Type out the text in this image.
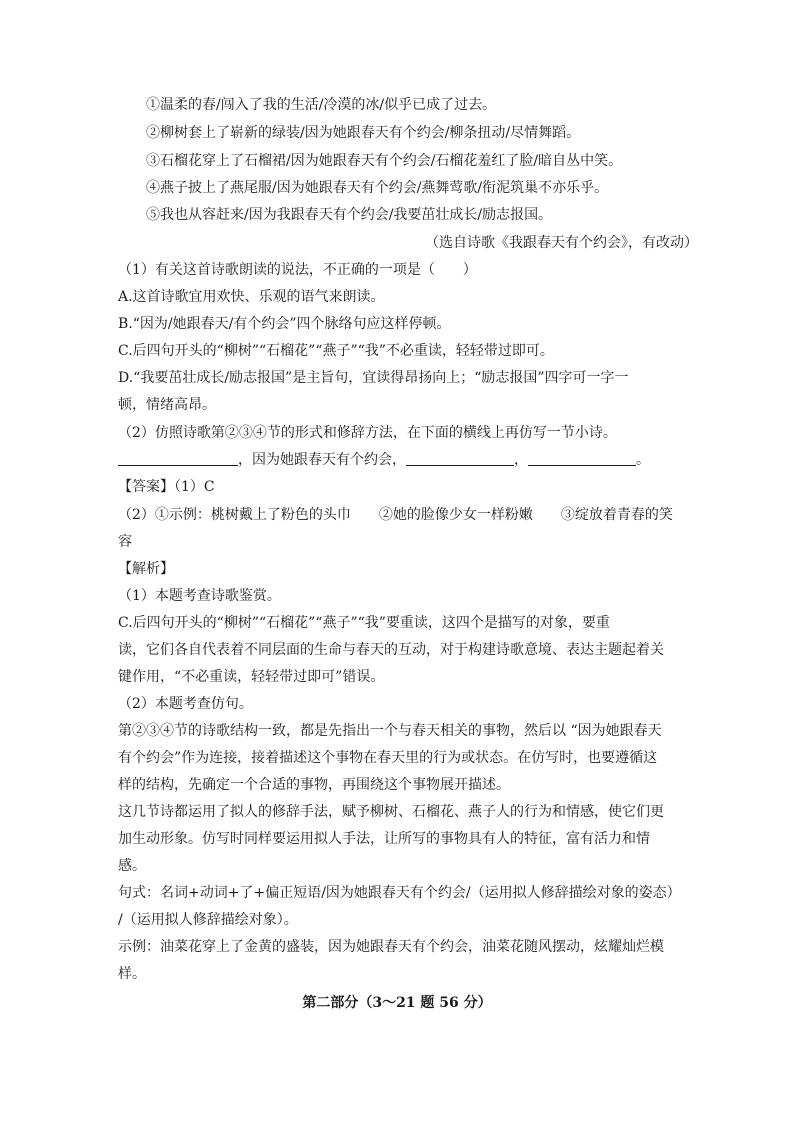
①温柔的春/闯入了我的生活/冷漠的冰/似乎已成了过去。
②柳树套上了崭新的绿装/因为她跟春天有个约会/柳条扭动/尽情舞蹈。
③石榴花穿上了石榴裙/因为她跟春天有个约会/石榴花羞红了脸/暗自丛中笑。
④燕子披上了燕尾服/因为她跟春天有个约会/燕舞莺歌/衔泥筑巢不亦乐乎。
⑤我也从容赶来/因为我跟春天有个约会/我要茁壮成长/励志报国。
（选自诗歌《我跟春天有个约会》，有改动）
（1）有关这首诗歌朗读的说法，不正确的一项是（　　）
A.这首诗歌宜用欢快、乐观的语气来朗读。
B.“因为/她跟春天/有个约会”四个脉络句应这样停顿。
C.后四句开头的“柳树”“石榴花”“燕子”“我”不必重读，轻轻带过即可。
D.“我要茁壮成长/励志报国”是主旨句，宜读得昂扬向上；“励志报国”四字可一字一
顿，情绪高昂。
（2）仿照诗歌第②③④节的形式和修辞方法，在下面的横线上再仿写一节小诗。
，因为她跟春天有个约会，	，	。
【答案】（1）C
（2）①示例：桃树戴上了粉色的头巾　　②她的脸像少女一样粉嫩　　③绽放着青春的笑
容
【解析】
（1）本题考查诗歌鉴赏。
C.后四句开头的“柳树”“石榴花”“燕子”“我”要重读，这四个是描写的对象，要重
读，它们各自代表着不同层面的生命与春天的互动，对于构建诗歌意境、表达主题起着关
键作用，“不必重读，轻轻带过即可”错误。
（2）本题考查仿句。
第②③④节的诗歌结构一致，都是先指出一个与春天相关的事物，然后以 “因为她跟春天
有个约会”作为连接，接着描述这个事物在春天里的行为或状态。在仿写时，也要遵循这
样的结构，先确定一个合适的事物，再围绕这个事物展开描述。
这几节诗都运用了拟人的修辞手法，赋予柳树、石榴花、燕子人的行为和情感，使它们更
加生动形象。仿写时同样要运用拟人手法，让所写的事物具有人的特征，富有活力和情
感。
句式：名词+动词+了+偏正短语/因为她跟春天有个约会/（运用拟人修辞描绘对象的姿态）
/（运用拟人修辞描绘对象）。
示例：油菜花穿上了金黄的盛装，因为她跟春天有个约会，油菜花随风摆动，炫耀灿烂模
样。
第二部分（3～21 题 56 分）
